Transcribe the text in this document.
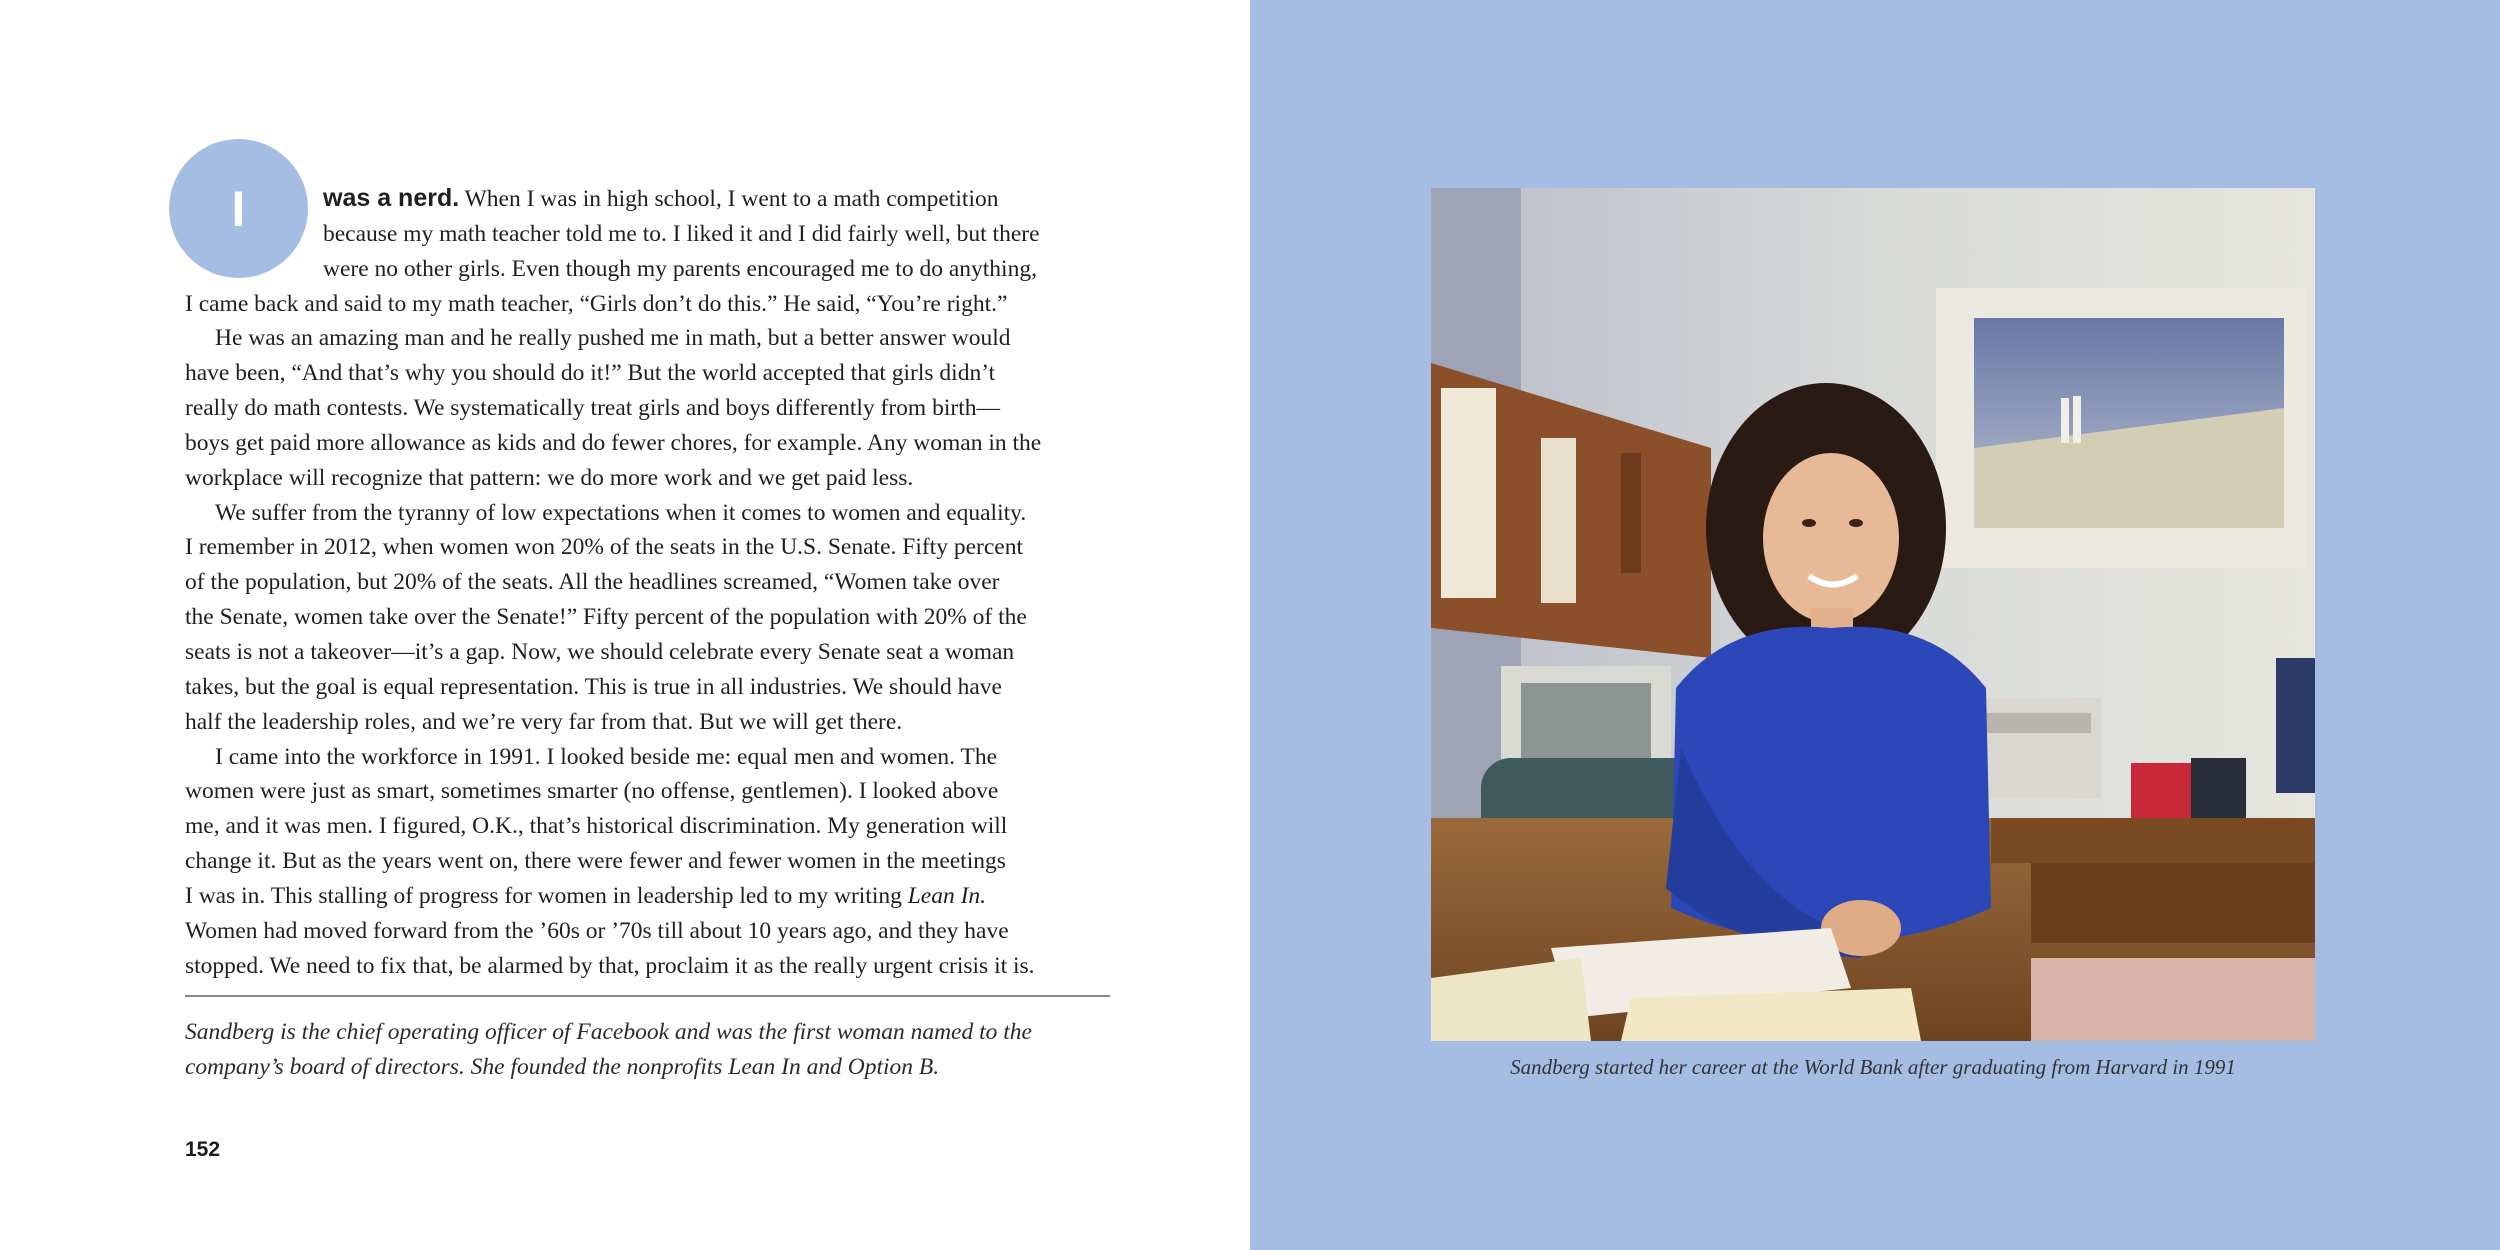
I	was a nerd. When I was in high school, I went to a math competition

because my math teacher told me to. I liked it and I did fairly well, but there

were no other girls. Even though my parents encouraged me to do anything,

I came back and said to my math teacher, “Girls don’t do this.” He said, “You’re right.”

He was an amazing man and he really pushed me in math, but a better answer would

have been, “And that’s why you should do it!” But the world accepted that girls didn’t

really do math contests. We systematically treat girls and boys differently from birth—

boys get paid more allowance as kids and do fewer chores, for example. Any woman in the

workplace will recognize that pattern: we do more work and we get paid less.

We suffer from the tyranny of low expectations when it comes to women and equality.

I remember in 2012, when women won 20% of the seats in the U.S. Senate. Fifty percent

of the population, but 20% of the seats. All the headlines screamed, “Women take over

the Senate, women take over the Senate!” Fifty percent of the population with 20% of the

seats is not a takeover—it’s a gap. Now, we should celebrate every Senate seat a woman

takes, but the goal is equal representation. This is true in all industries. We should have

half the leadership roles, and we’re very far from that. But we will get there.

I came into the workforce in 1991. I looked beside me: equal men and women. The

women were just as smart, sometimes smarter (no offense, gentlemen). I looked above

me, and it was men. I figured, O.K., that’s historical discrimination. My generation will

change it. But as the years went on, there were fewer and fewer women in the meetings

I was in. This stalling of progress for women in leadership led to my writing Lean In.

Women had moved forward from the ’60s or ’70s till about 10 years ago, and they have

stopped. We need to fix that, be alarmed by that, proclaim it as the really urgent crisis it is.

Sandberg is the chief operating officer of Facebook and was the first woman named to the
company’s board of directors. She founded the nonprofits Lean In and Option B.
152
Sandberg started her career at the World Bank after graduating from Harvard in 1991
